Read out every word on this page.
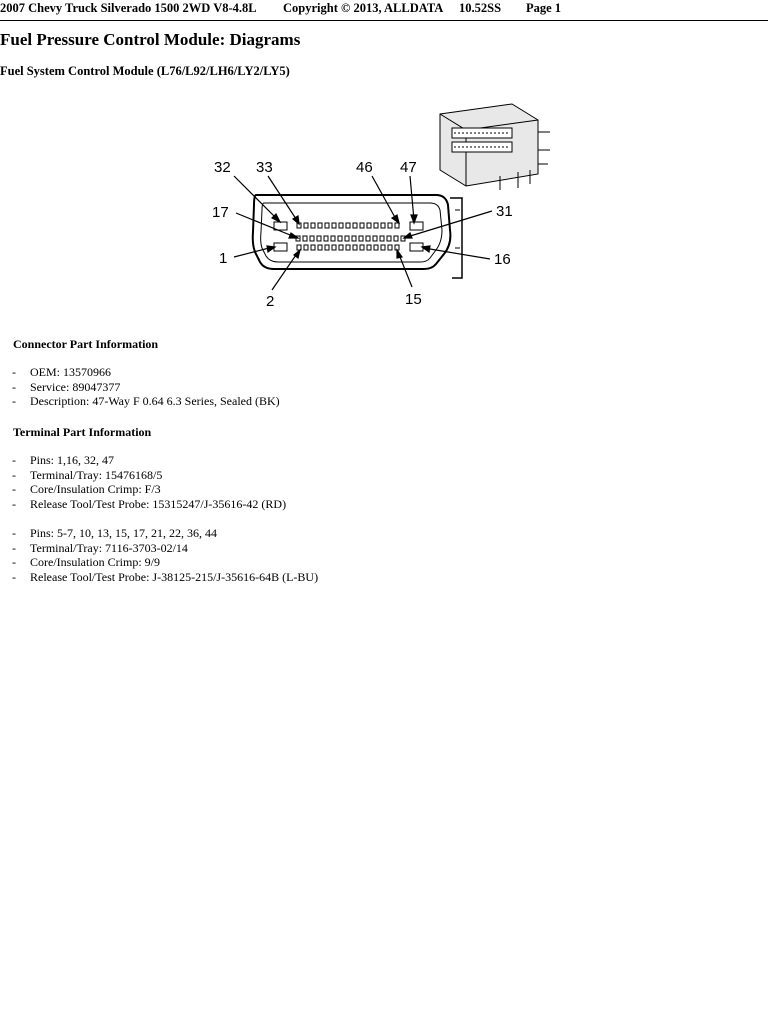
2007 Chevy Truck Silverado 1500 2WD V8-4.8L Copyright © 2013, ALLDATA 10.52SS Page 1
Fuel Pressure Control Module: Diagrams
Fuel System Control Module (L76/L92/LH6/LY2/LY5)
32 33	46 47
17	31
1	16
2	15
Connector Part Information
- OEM: 13570966
- Service: 89047377
- Description: 47-Way F 0.64 6.3 Series, Sealed (BK)
Terminal Part Information
- Pins: 1,16, 32, 47
- Terminal/Tray: 15476168/5
- Core/Insulation Crimp: F/3
- Release Tool/Test Probe: 15315247/J-35616-42 (RD)
- Pins: 5-7, 10, 13, 15, 17, 21, 22, 36, 44
- Terminal/Tray: 7116-3703-02/14
- Core/Insulation Crimp: 9/9
- Release Tool/Test Probe: J-38125-215/J-35616-64B (L-BU)
